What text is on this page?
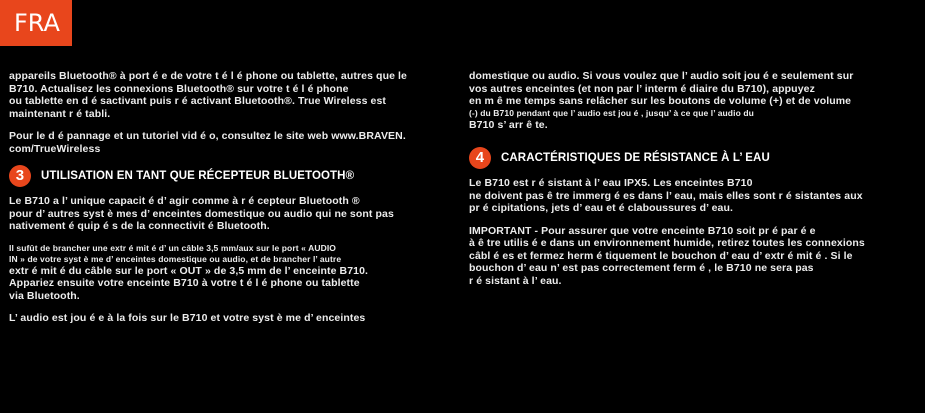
FRA

appareils Bluetooth® à port é e de votre t é l é phone ou tablette, autres que le
B710. Actualisez les connexions Bluetooth® sur votre t é l é phone
ou tablette en d é sactivant puis r é activant Bluetooth®. True Wireless est
maintenant r é tabli.

Pour le d é pannage et un tutoriel vid é o, consultez le site web www.BRAVEN.
com/TrueWireless

3	UTILISATION EN TANT QUE RÉCEPTEUR BLUETOOTH®

Le B710 a l’ unique capacit é d’ agir comme à r é cepteur Bluetooth ®
pour d’ autres syst è mes d’ enceintes domestique ou audio qui ne sont pas
nativement é quip é s de la connectivit é Bluetooth.

Il sufût de brancher une extr é mit é d’ un câble 3,5 mm/aux sur le port « AUDIO
IN » de votre syst è me d’ enceintes domestique ou audio, et de brancher l’ autre

extr é mit é du câble sur le port « OUT » de 3,5 mm de l’ enceinte B710.
Appariez ensuite votre enceinte B710 à votre t é l é phone ou tablette
via Bluetooth.

L’ audio est jou é e à la fois sur le B710 et votre syst è me d’ enceintes

domestique ou audio. Si vous voulez que l’ audio soit jou é e seulement sur
vos autres enceintes (et non par l’ interm é diaire du B710), appuyez
en m ê me temps sans relâcher sur les boutons de volume (+) et de volume

(-) du B710 pendant que l’ audio est jou é , jusqu’ à ce que l’ audio du

B710 s’ arr ê te.

4	CARACTÉRISTIQUES DE RÉSISTANCE À L’ EAU

Le B710 est r é sistant à l’ eau IPX5. Les enceintes B710
ne doivent pas ê tre immerg é es dans l’ eau, mais elles sont r é sistantes aux
pr é cipitations, jets d’ eau et é claboussures d’ eau.

IMPORTANT - Pour assurer que votre enceinte B710 soit pr é par é e
à ê tre utilis é e dans un environnement humide, retirez toutes les connexions
câbl é es et fermez herm é tiquement le bouchon d’ eau d’ extr é mit é . Si le
bouchon d’ eau n’ est pas correctement ferm é , le B710 ne sera pas
r é sistant à l’ eau.
